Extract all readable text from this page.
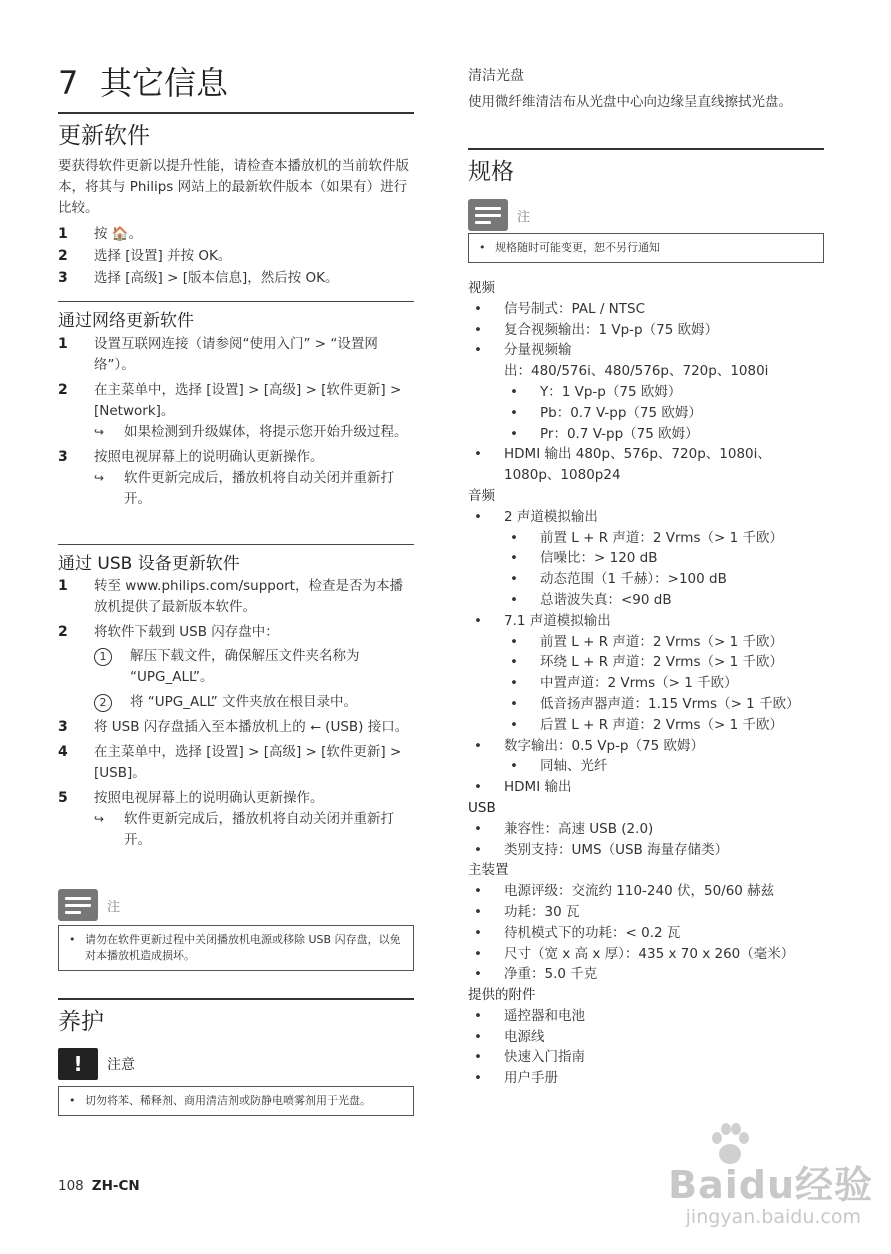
7 其它信息
更新软件
要获得软件更新以提升性能，请检查本播放机的当前软件版本，将其与 Philips 网站上的最新软件版本（如果有）进行比较。
1 按 🏠。
2 选择 [设置] 并按 OK。
3 选择 [高级] > [版本信息]，然后按 OK。
通过网络更新软件
1 设置互联网连接（请参阅“使用入门” > “设置网络”）。
2 在主菜单中，选择 [设置] > [高级] > [软件更新] > [Network]。
↪ 如果检测到升级媒体，将提示您开始升级过程。
3 按照电视屏幕上的说明确认更新操作。
↪ 软件更新完成后，播放机将自动关闭并重新打开。
通过 USB 设备更新软件
1 转至 www.philips.com/support，检查是否为本播放机提供了最新版本软件。
2 将软件下载到 USB 闪存盘中：
1	解压下载文件，确保解压文件夹名称为 “UPG_ALL”。
2	将 “UPG_ALL” 文件夹放在根目录中。
3 将 USB 闪存盘插入至本播放机上的 ⭠ (USB) 接口。
4 在主菜单中，选择 [设置] > [高级] > [软件更新] > [USB]。
5 按照电视屏幕上的说明确认更新操作。
↪ 软件更新完成后，播放机将自动关闭并重新打开。
注
• 请勿在软件更新过程中关闭播放机电源或移除 USB 闪存盘，以免对本播放机造成损坏。
养护
!	注意
• 切勿将苯、稀释剂、商用清洁剂或防静电喷雾剂用于光盘。
清洁光盘
使用微纤维清洁布从光盘中心向边缘呈直线擦拭光盘。
规格
注
• 规格随时可能变更，恕不另行通知
视频
• 信号制式：PAL / NTSC
• 复合视频输出：1 Vp-p（75 欧姆）
• 分量视频输
出：480/576i、480/576p、720p、1080i
• Y：1 Vp-p（75 欧姆）
• Pb：0.7 V-pp（75 欧姆）
• Pr：0.7 V-pp（75 欧姆）
• HDMI 输出 480p、576p、720p、1080i、1080p、1080p24
音频
• 2 声道模拟输出
• 前置 L + R 声道：2 Vrms（> 1 千欧）
• 信噪比：> 120 dB
• 动态范围（1 千赫）：>100 dB
• 总谐波失真：<90 dB
• 7.1 声道模拟输出
• 前置 L + R 声道：2 Vrms（> 1 千欧）
• 环绕 L + R 声道：2 Vrms（> 1 千欧）
• 中置声道：2 Vrms（> 1 千欧）
• 低音扬声器声道：1.15 Vrms（> 1 千欧）
• 后置 L + R 声道：2 Vrms（> 1 千欧）
• 数字输出：0.5 Vp-p（75 欧姆）
• 同轴、光纤
• HDMI 输出
USB
• 兼容性：高速 USB (2.0)
• 类别支持：UMS（USB 海量存储类）
主装置
• 电源评级：交流约 110-240 伏，50/60 赫兹
• 功耗：30 瓦
• 待机模式下的功耗：< 0.2 瓦
• 尺寸（宽 x 高 x 厚）：435 x 70 x 260（毫米）
• 净重：5.0 千克
提供的附件
• 遥控器和电池
• 电源线
• 快速入门指南
• 用户手册
108 ZH-CN	Baidu经验
jingyan.baidu.com
